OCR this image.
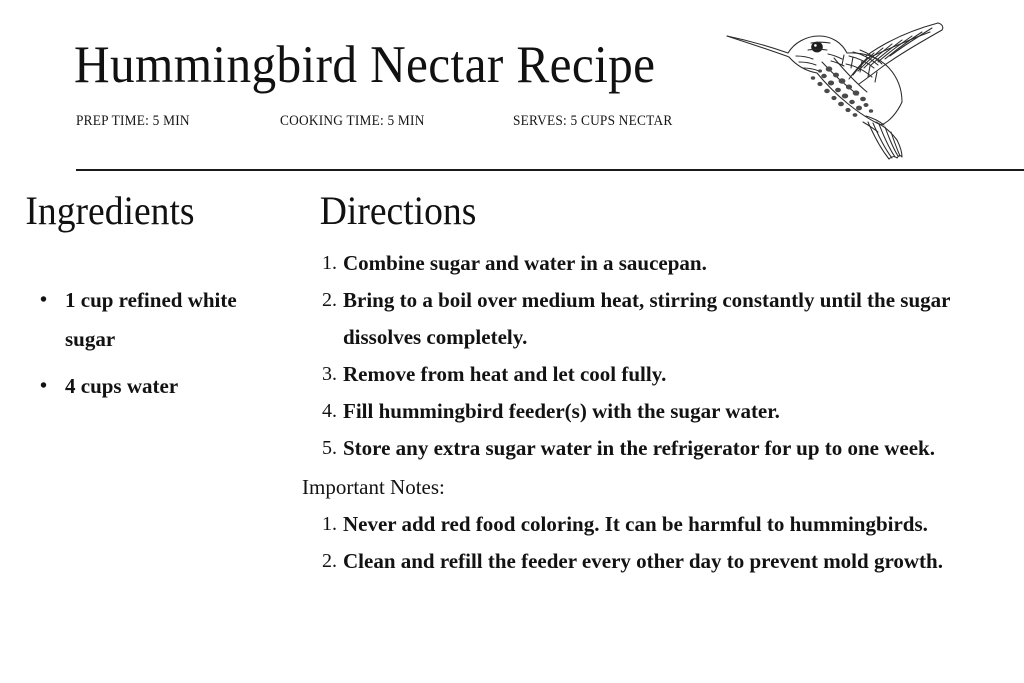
Hummingbird Nectar Recipe
PREP TIME: 5 MIN	COOKING TIME: 5 MIN	SERVES: 5 CUPS NECTAR
Ingredients
• 1 cup refined white sugar
• 4 cups water
Directions
Combine sugar and water in a saucepan.
Bring to a boil over medium heat, stirring constantly until the sugar dissolves completely.
Remove from heat and let cool fully.
Fill hummingbird feeder(s) with the sugar water.
Store any extra sugar water in the refrigerator for up to one week.

Important Notes:

Never add red food coloring. It can be harmful to hummingbirds.
Clean and refill the feeder every other day to prevent mold growth.
